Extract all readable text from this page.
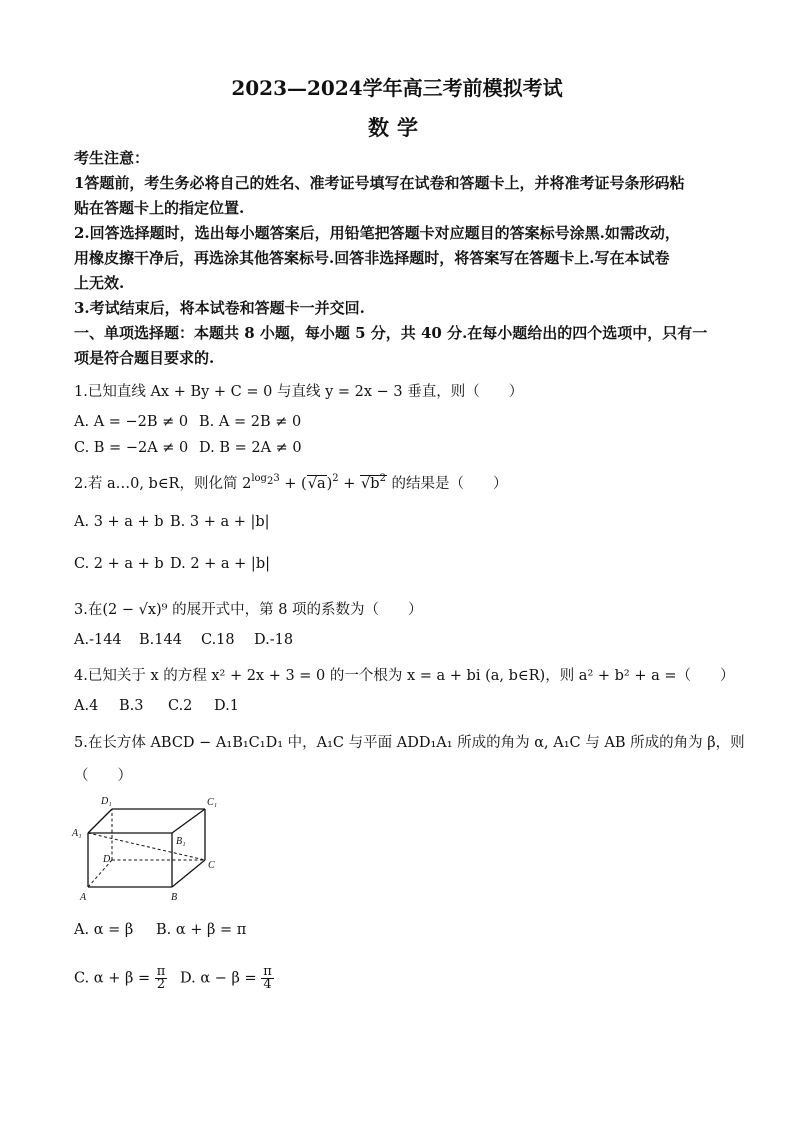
2023—2024学年高三考前模拟考试
数学
考生注意：
1答题前，考生务必将自己的姓名、准考证号填写在试卷和答题卡上，并将准考证号条形码粘
贴在答题卡上的指定位置.
2.回答选择题时，选出每小题答案后，用铅笔把答题卡对应题目的答案标号涂黑.如需改动，
用橡皮擦干净后，再选涂其他答案标号.回答非选择题时，将答案写在答题卡上.写在本试卷
上无效.
3.考试结束后，将本试卷和答题卡一并交回.
一、单项选择题：本题共 8 小题，每小题 5 分，共 40 分.在每小题给出的四个选项中，只有一
项是符合题目要求的.
1.已知直线 Ax + By + C = 0 与直线 y = 2x − 3 垂直，则（　　）
A. A = −2B ≠ 0 B. A = 2B ≠ 0
C. B = −2A ≠ 0 D. B = 2A ≠ 0
2.若 a…0, b∈R，则化简 $2^{log23} + (√a)^2 + √b^2$ 的结果是（　　）
A. 3 + a + b B. 3 + a + |b|
C. 2 + a + b D. 2 + a + |b|
3.在(2 − √x)⁹ 的展开式中，第 8 项的系数为（　　）
A.-144 B.144 C.18 D.-18
4.已知关于 x 的方程 x² + 2x + 3 = 0 的一个根为 x = a + bi (a, b∈R)，则 a² + b² + a =（　　）
A.4 B.3 C.2 D.1
5.在长方体 ABCD − A₁B₁C₁D₁ 中，A₁C 与平面 ADD₁A₁ 所成的角为 α, A₁C 与 AB 所成的角为 β，则
（　　）
D₁	C₁
A₁
B₁
D
C
A	B
A. α = β B. α + β = π
C. $\alpha + \beta = \frac{\pi}{2} D$. $\alpha - \beta = \frac{\pi}{4}$
